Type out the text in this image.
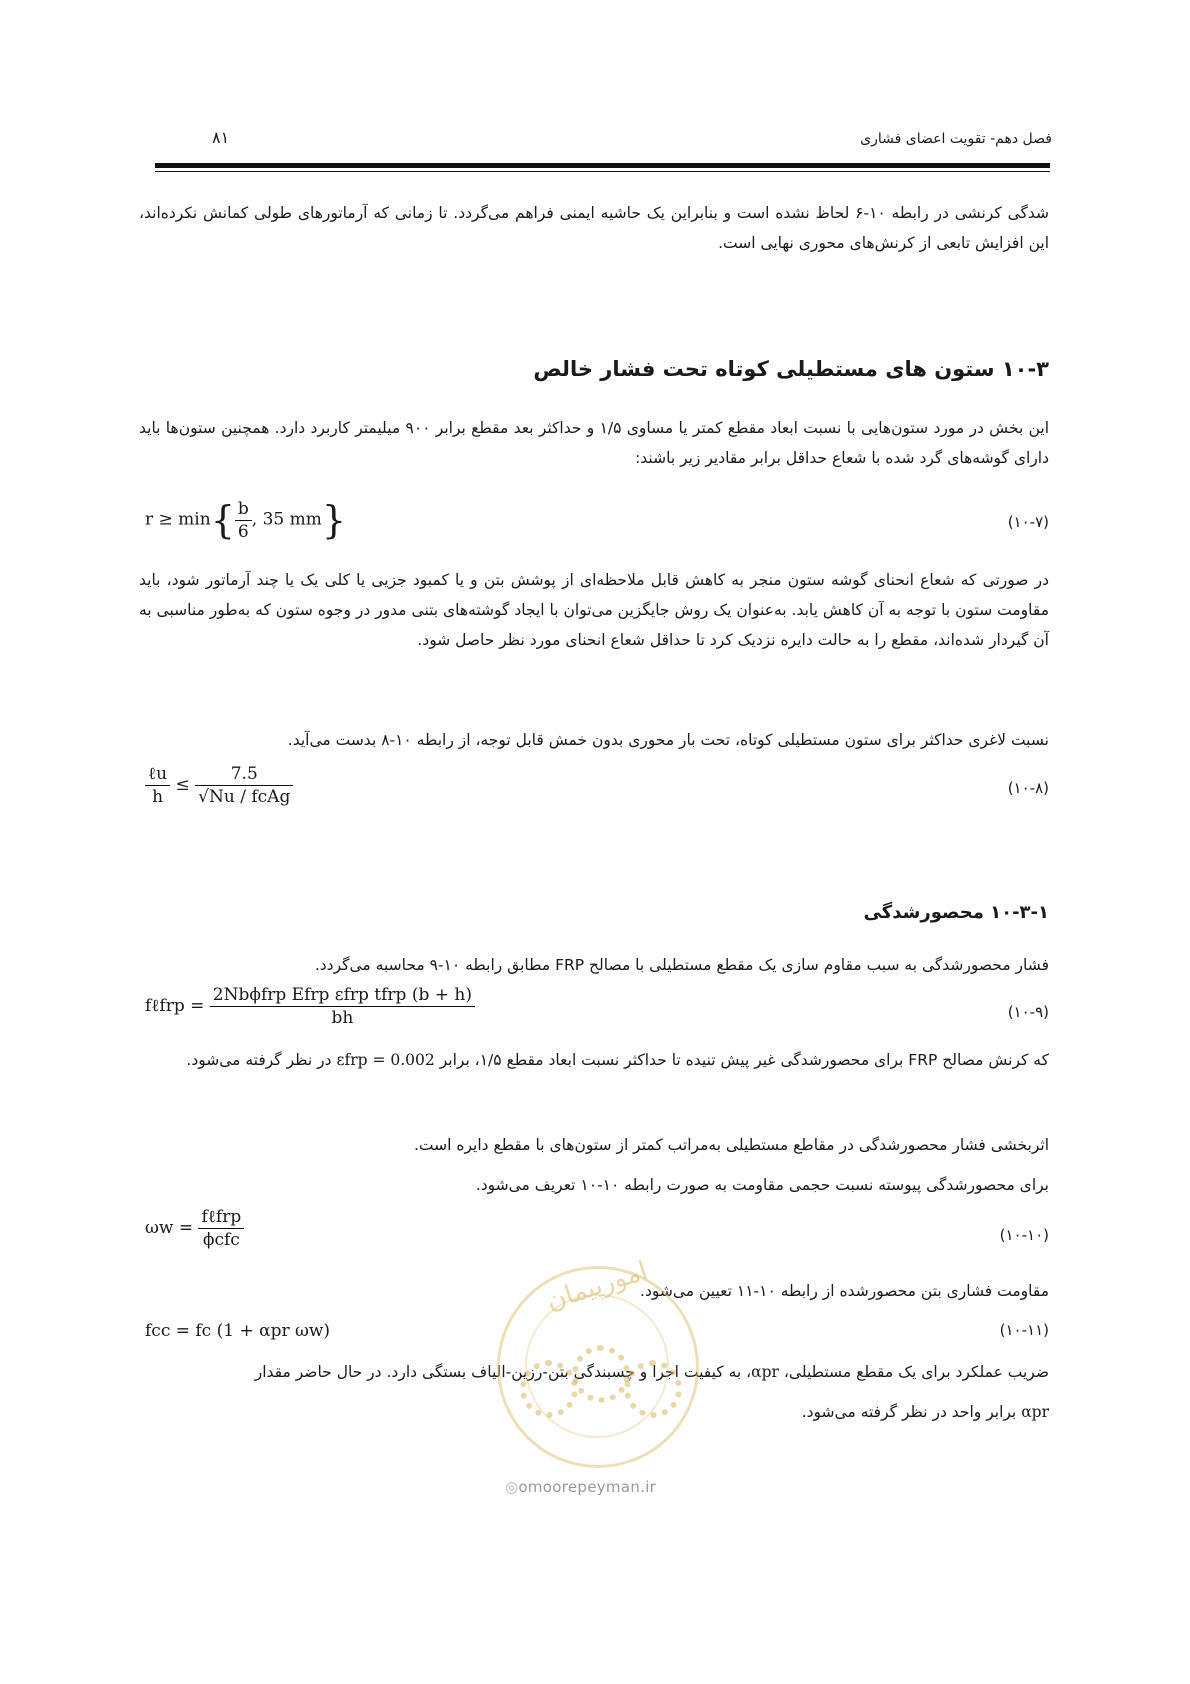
فصل دهم- تقویت اعضای فشاری
۸۱
شدگی کرنشی در رابطه ۱۰-۶ لحاظ نشده است و بنابراین یک حاشیه ایمنی فراهم می‌گردد. تا زمانی که آرماتورهای طولی کمانش نکرده‌اند، این افزایش تابعی از کرنش‌های محوری نهایی است.
۱۰-۳ ستون های مستطیلی کوتاه تحت فشار خالص
این بخش در مورد ستون‌هایی با نسبت ابعاد مقطع کمتر یا مساوی ۱/۵ و حداکثر بعد مقطع برابر ۹۰۰ میلیمتر کاربرد دارد. همچنین ستون‌ها باید دارای گوشه‌های گرد شده با شعاع حداقل برابر مقادیر زیر باشند:
$r \ge \min\{ \frac{b}{6}$ , 35 mm}	(۱۰-۷)
در صورتی که شعاع انحنای گوشه ستون منجر به کاهش قابل ملاحظه‌ای از پوشش بتن و یا کمبود جزیی یا کلی یک یا چند آرماتور شود، باید مقاومت ستون با توجه به آن کاهش یابد. به‌عنوان یک روش جایگزین می‌توان با ایجاد گوشته‌های بتنی مدور در وجوه ستون که به‌طور مناسبی به آن گیردار شده‌اند، مقطع را به حالت دایره نزدیک کرد تا حداقل شعاع انحنای مورد نظر حاصل شود.
نسبت لاغری حداکثر برای ستون مستطیلی کوتاه، تحت بار محوری بدون خمش قابل توجه، از رابطه ۱۰-۸ بدست می‌آید.
$\frac{\text{ℓu}}{h} \le \frac{7.5}{\text{√Nu / fcAg}}$	(۱۰-۸)
۱۰-۳-۱ محصورشدگی
فشار محصورشدگی به سبب مقاوم سازی یک مقطع مستطیلی با مصالح FRP مطابق رابطه ۱۰-۹ محاسبه می‌گردد.
fℓfrp = $\frac{\text{2Nbϕfrp Efrp εfrp tfrp (b + h)}}{bh}$	(۱۰-۹)
که کرنش مصالح FRP برای محصورشدگی غیر پیش تنیده تا حداکثر نسبت ابعاد مقطع ۱/۵، برابر εfrp = 0.002 در نظر گرفته می‌شود.
اثربخشی فشار محصورشدگی در مقاطع مستطیلی به‌مراتب کمتر از ستون‌های با مقطع دایره است.
برای محصورشدگی پیوسته نسبت حجمی مقاومت به صورت رابطه ۱۰-۱۰ تعریف می‌شود.
$\omega w = \frac{\text{fℓfrp}}{\text{ϕcfc}}$	(۱۰-۱۰)
مقاومت فشاری بتن محصورشده از رابطه ۱۰-۱۱ تعیین می‌شود.
fcc = fc (1 + αpr ωw)	(۱۰-۱۱)
ضریب عملکرد برای یک مقطع مستطیلی، αpr، به کیفیت اجرا و چسبندگی بتن-رزین-الیاف بستگی دارد. در حال حاضر مقدار
αpr برابر واحد در نظر گرفته می‌شود.
امورپیمان
◎omoorepeyman.ir
